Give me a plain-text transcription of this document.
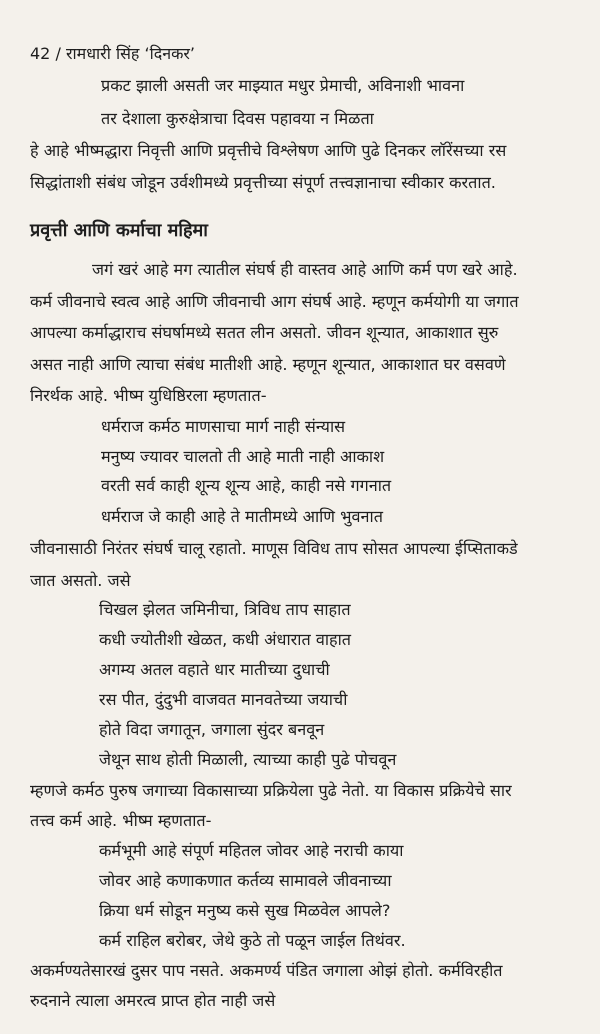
42 / रामधारी सिंह ‘दिनकर’
प्रकट झाली असती जर माझ्यात मधुर प्रेमाची, अविनाशी भावना
तर देशाला कुरुक्षेत्राचा दिवस पहावया न मिळता
हे आहे भीष्मद्धारा निवृत्ती आणि प्रवृत्तीचे विश्लेषण आणि पुढे दिनकर लॉरेंसच्या रस
सिद्धांताशी संबंध जोडून उर्वशीमध्ये प्रवृत्तीच्या संपूर्ण तत्त्वज्ञानाचा स्वीकार करतात.
प्रवृत्ती आणि कर्माचा महिमा
जगं खरं आहे मग त्यातील संघर्ष ही वास्तव आहे आणि कर्म पण खरे आहे.
कर्म जीवनाचे स्वत्व आहे आणि जीवनाची आग संघर्ष आहे. म्हणून कर्मयोगी या जगात
आपल्या कर्माद्धाराच संघर्षामध्ये सतत लीन असतो. जीवन शून्यात, आकाशात सुरु
असत नाही आणि त्याचा संबंध मातीशी आहे. म्हणून शून्यात, आकाशात घर वसवणे
निरर्थक आहे. भीष्म युधिष्ठिरला म्हणतात-
धर्मराज कर्मठ माणसाचा मार्ग नाही संन्यास
मनुष्य ज्यावर चालतो ती आहे माती नाही आकाश
वरती सर्व काही शून्य शून्य आहे, काही नसे गगनात
धर्मराज जे काही आहे ते मातीमध्ये आणि भुवनात
जीवनासाठी निरंतर संघर्ष चालू रहातो. माणूस विविध ताप सोसत आपल्या ईप्सिताकडे
जात असतो. जसे
चिखल झेलत जमिनीचा, त्रिविध ताप साहात
कधी ज्योतीशी खेळत, कधी अंधारात वाहात
अगम्य अतल वहाते धार मातीच्या दुधाची
रस पीत, दुंदुभी वाजवत मानवतेच्या जयाची
होते विदा जगातून, जगाला सुंदर बनवून
जेथून साथ होती मिळाली, त्याच्या काही पुढे पोचवून
म्हणजे कर्मठ पुरुष जगाच्या विकासाच्या प्रक्रियेला पुढे नेतो. या विकास प्रक्रियेचे सार
तत्त्व कर्म आहे. भीष्म म्हणतात-
कर्मभूमी आहे संपूर्ण महितल जोवर आहे नराची काया
जोवर आहे कणाकणात कर्तव्य सामावले जीवनाच्या
क्रिया धर्म सोडून मनुष्य कसे सुख मिळवेल आपले?
कर्म राहिल बरोबर, जेथे कुठे तो पळून जाईल तिथंवर.
अकर्मण्यतेसारखं दुसर पाप नसते. अकमर्ण्य पंडित जगाला ओझं होतो. कर्मविरहीत
रुदनाने त्याला अमरत्व प्राप्त होत नाही जसे
